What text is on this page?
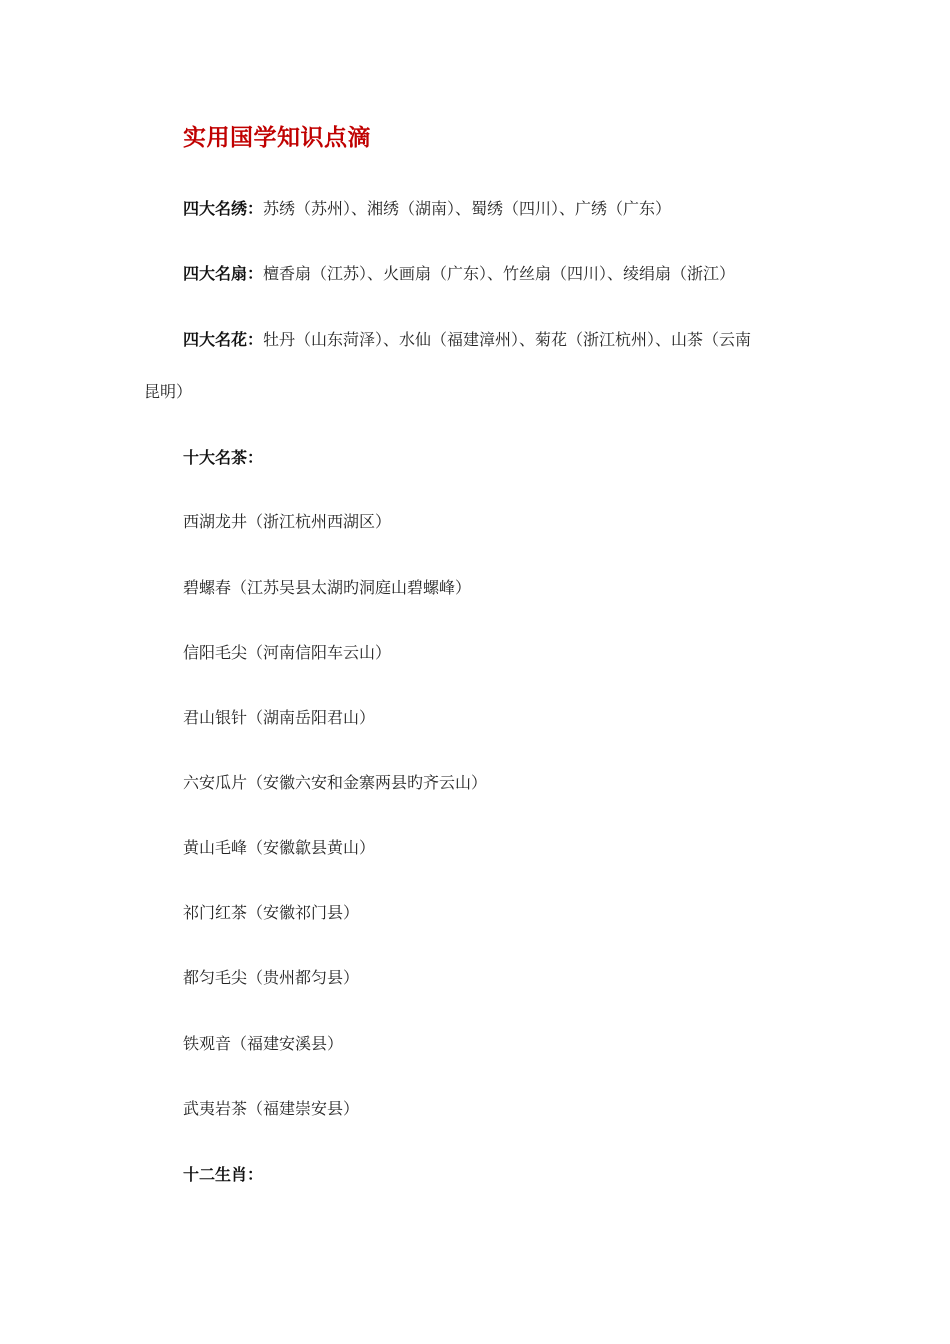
实用国学知识点滴
四大名绣：苏绣（苏州）、湘绣（湖南）、蜀绣（四川）、广绣（广东）
四大名扇：檀香扇（江苏）、火画扇（广东）、竹丝扇（四川）、绫绢扇（浙江）
四大名花：牡丹（山东菏泽）、水仙（福建漳州）、菊花（浙江杭州）、山茶（云南
昆明）
十大名茶：
西湖龙井（浙江杭州西湖区）
碧螺春（江苏吴县太湖旳洞庭山碧螺峰）
信阳毛尖（河南信阳车云山）
君山银针（湖南岳阳君山）
六安瓜片（安徽六安和金寨两县旳齐云山）
黄山毛峰（安徽歙县黄山）
祁门红茶（安徽祁门县）
都匀毛尖（贵州都匀县）
铁观音（福建安溪县）
武夷岩茶（福建崇安县）
十二生肖：
